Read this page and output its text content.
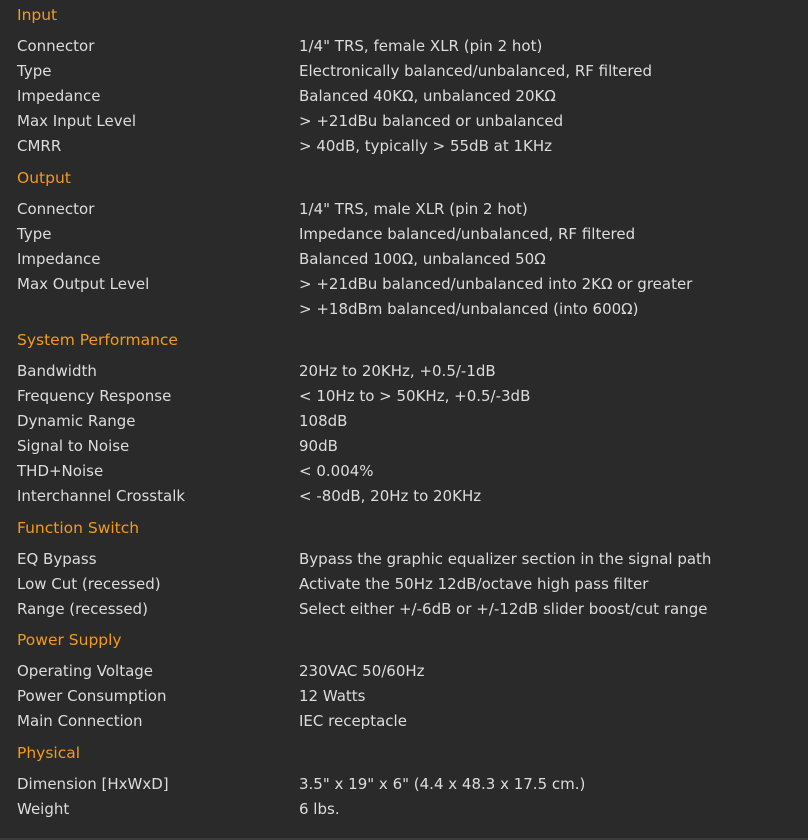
Input
Connector	1/4" TRS, female XLR (pin 2 hot)
Type	Electronically balanced/unbalanced, RF filtered
Impedance	Balanced 40KΩ, unbalanced 20KΩ
Max Input Level	> +21dBu balanced or unbalanced
CMRR	> 40dB, typically > 55dB at 1KHz
Output
Connector	1/4" TRS, male XLR (pin 2 hot)
Type	Impedance balanced/unbalanced, RF filtered
Impedance	Balanced 100Ω, unbalanced 50Ω
Max Output Level	> +21dBu balanced/unbalanced into 2KΩ or greater
> +18dBm balanced/unbalanced (into 600Ω)
System Performance
Bandwidth	20Hz to 20KHz, +0.5/-1dB
Frequency Response	< 10Hz to > 50KHz, +0.5/-3dB
Dynamic Range	108dB
Signal to Noise	90dB
THD+Noise	< 0.004%
Interchannel Crosstalk	< -80dB, 20Hz to 20KHz
Function Switch
EQ Bypass	Bypass the graphic equalizer section in the signal path
Low Cut (recessed)	Activate the 50Hz 12dB/octave high pass filter
Range (recessed)	Select either +/-6dB or +/-12dB slider boost/cut range
Power Supply
Operating Voltage	230VAC 50/60Hz
Power Consumption	12 Watts
Main Connection	IEC receptacle
Physical
Dimension [HxWxD]	3.5" x 19" x 6" (4.4 x 48.3 x 17.5 cm.)
Weight	6 lbs.
